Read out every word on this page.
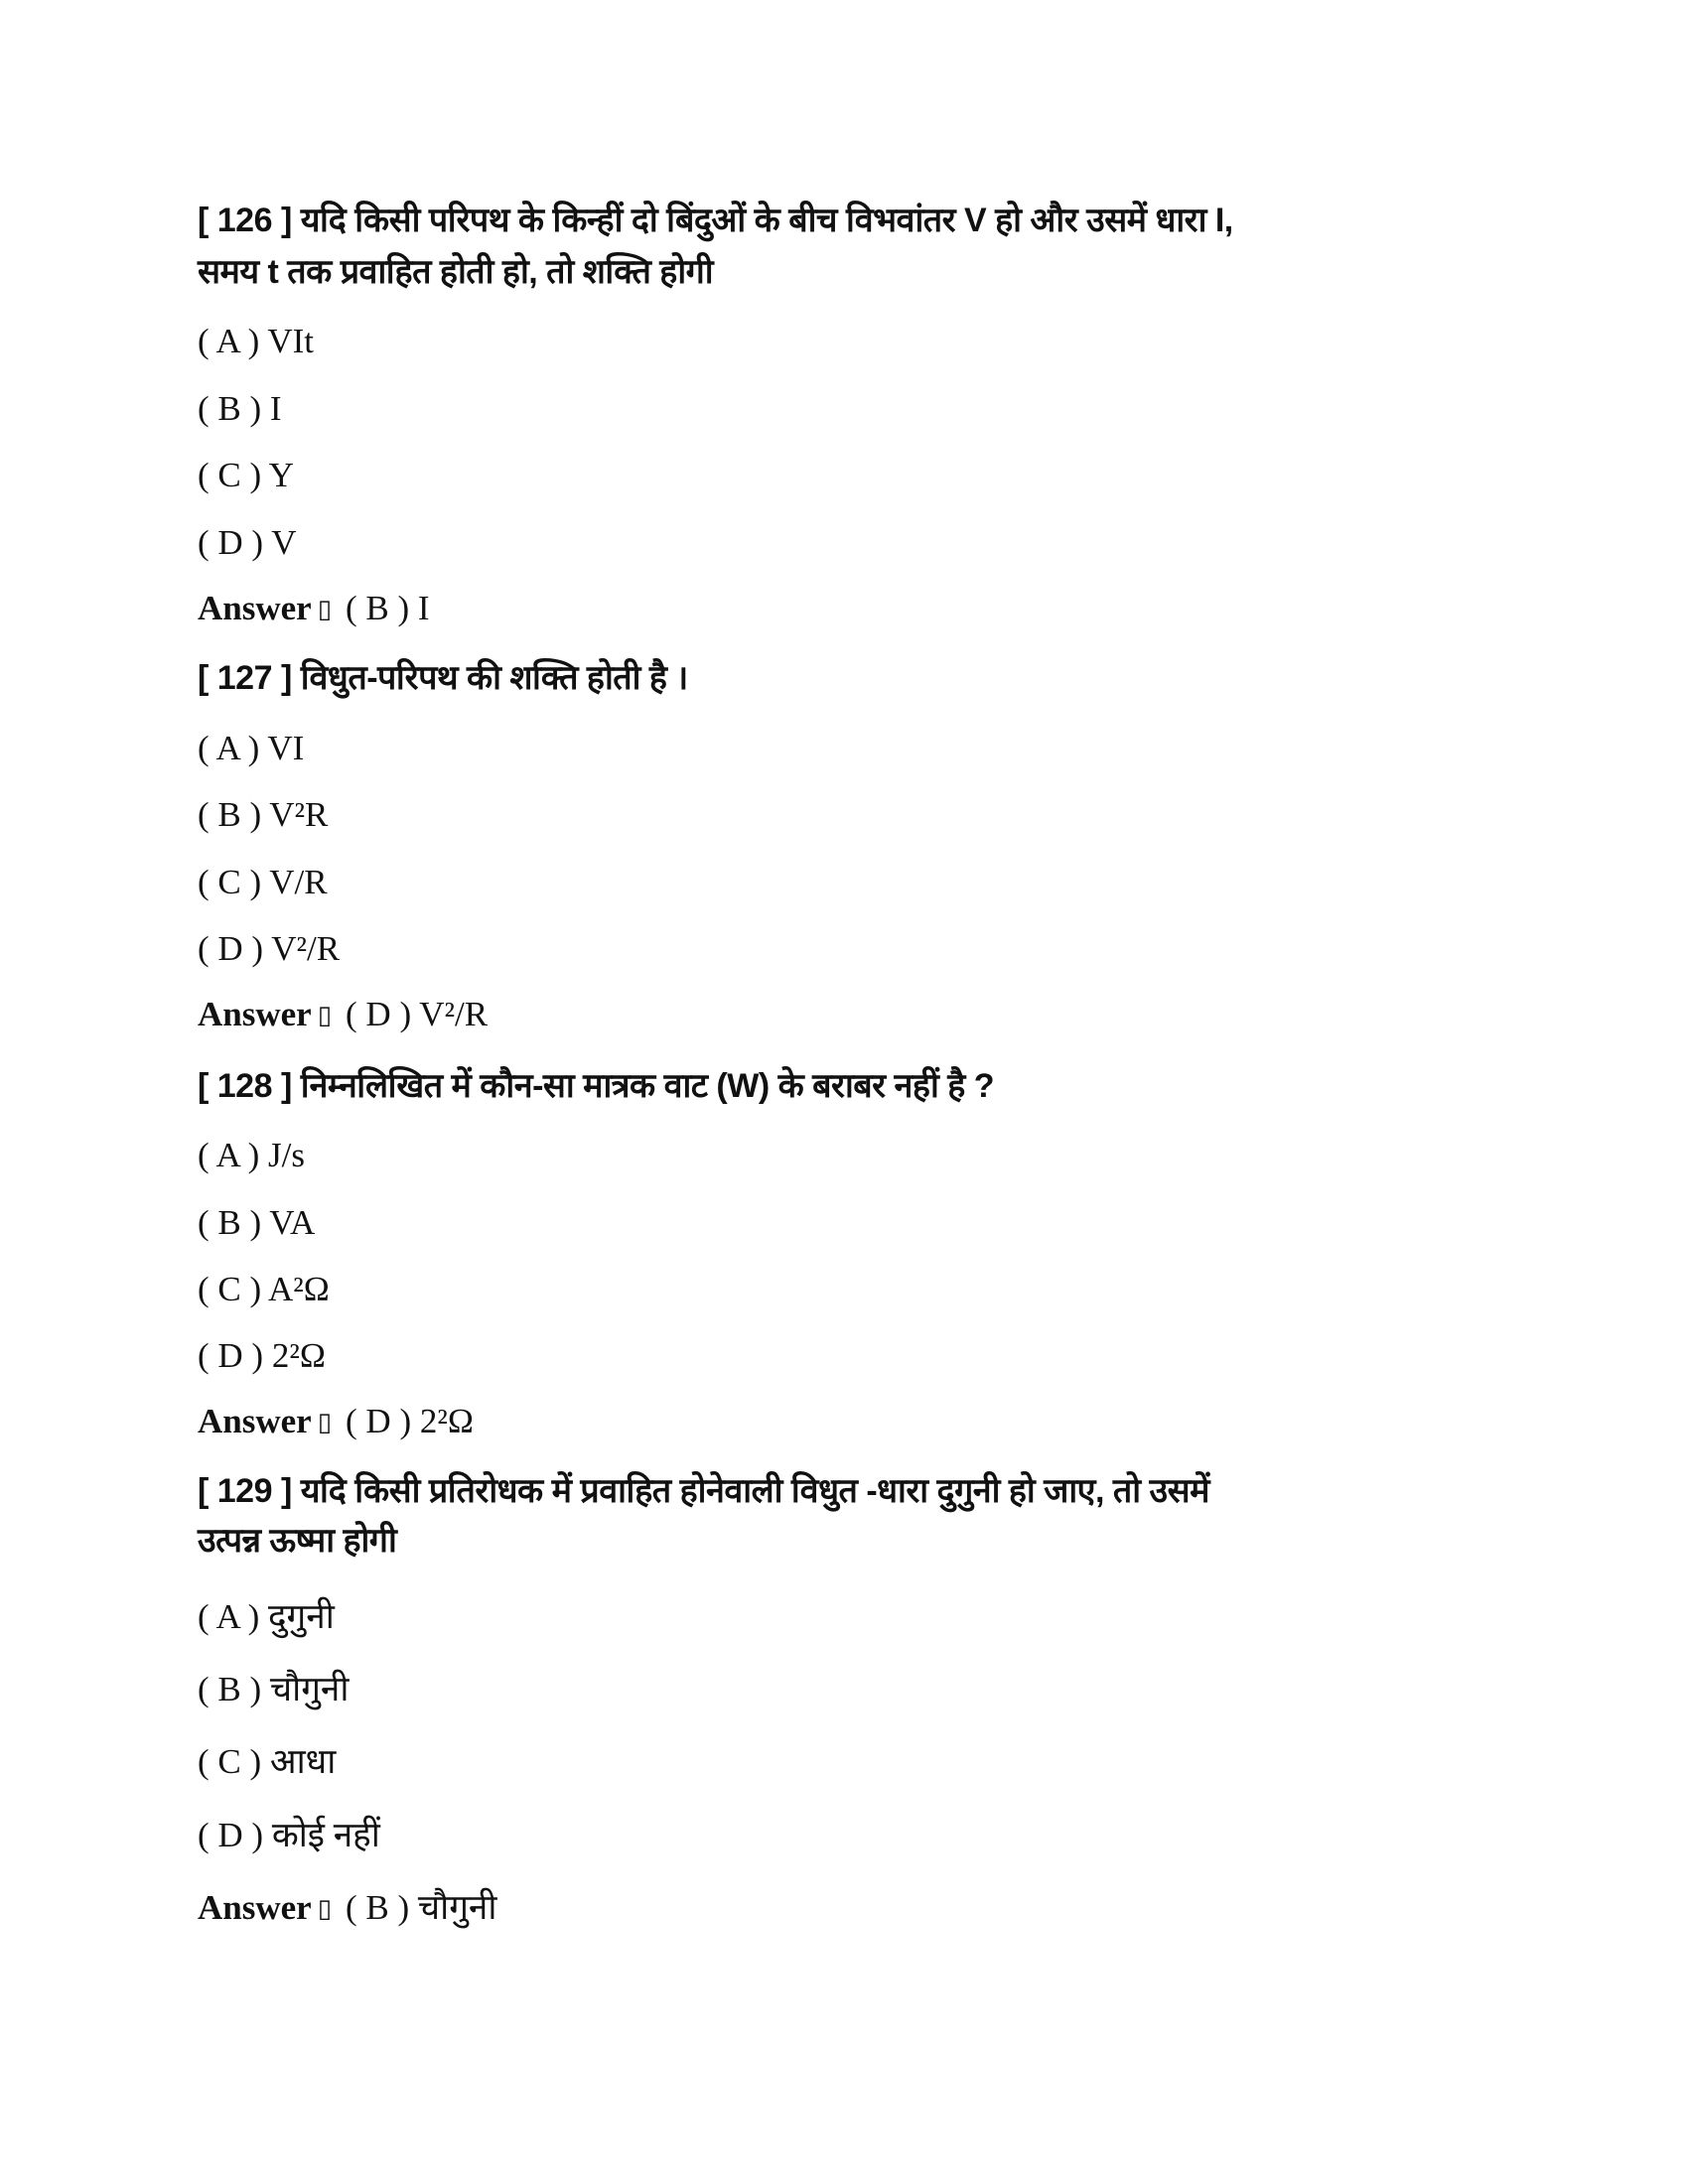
[ 126 ] यदि किसी परिपथ के किन्हीं दो बिंदुओं के बीच विभवांतर V हो और उसमें धारा I,
समय t तक प्रवाहित होती हो, तो शक्ति होगी
( A ) VIt
( B ) I
( C ) Y
( D ) V
Answer ▯ ( B ) I
[ 127 ] विधुत-परिपथ की शक्ति होती है ।
( A ) VI
( B ) V²R
( C ) V/R
( D ) V²/R
Answer ▯ ( D ) V²/R
[ 128 ] निम्नलिखित में कौन-सा मात्रक वाट (W) के बराबर नहीं है ?
( A ) J/s
( B ) VA
( C ) A²Ω
( D ) 2²Ω
Answer ▯ ( D ) 2²Ω
[ 129 ] यदि किसी प्रतिरोधक में प्रवाहित होनेवाली विधुत -धारा दुगुनी हो जाए, तो उसमें
उत्पन्न ऊष्मा होगी
( A ) दुगुनी
( B ) चौगुनी
( C ) आधा
( D ) कोई नहीं
Answer ▯ ( B ) चौगुनी
